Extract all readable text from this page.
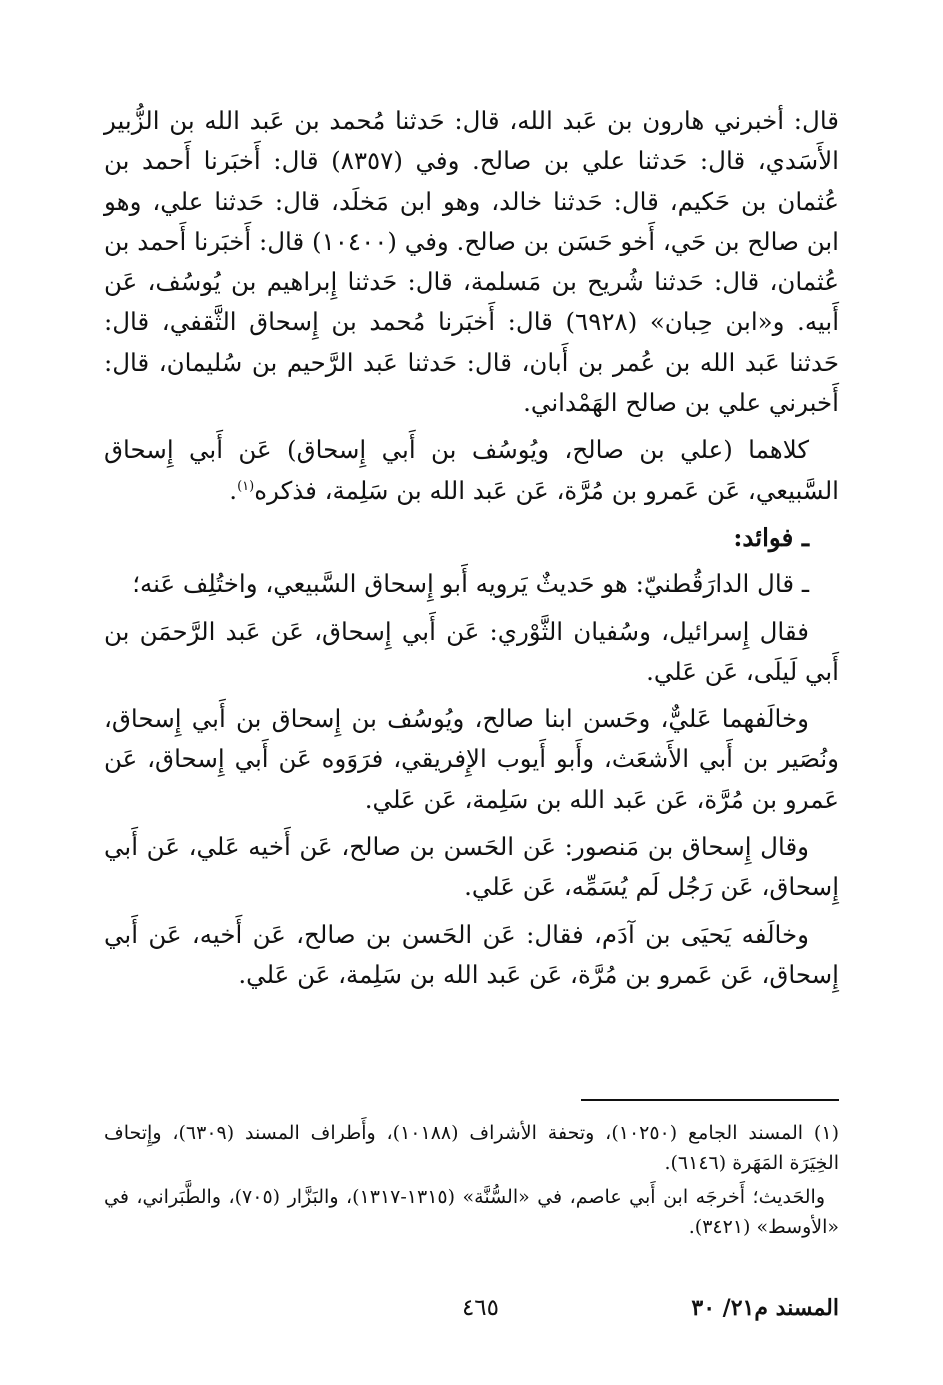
قال: أخبرني هارون بن عَبد الله، قال: حَدثنا مُحمد بن عَبد الله بن الزُّبير الأَسَدي، قال: حَدثنا علي بن صالح. وفي (٨٣٥٧) قال: أَخبَرنا أَحمد بن عُثمان بن حَكيم، قال: حَدثنا خالد، وهو ابن مَخلَد، قال: حَدثنا علي، وهو ابن صالح بن حَي، أَخو حَسَن بن صالح. وفي (١٠٤٠٠) قال: أَخبَرنا أَحمد بن عُثمان، قال: حَدثنا شُريح بن مَسلمة، قال: حَدثنا إِبراهيم بن يُوسُف، عَن أَبيه. و«ابن حِبان» (٦٩٢٨) قال: أَخبَرنا مُحمد بن إِسحاق الثَّقفي، قال: حَدثنا عَبد الله بن عُمر بن أَبان، قال: حَدثنا عَبد الرَّحيم بن سُليمان، قال: أَخبرني علي بن صالح الهَمْداني.

كلاهما (علي بن صالح، ويُوسُف بن أَبي إِسحاق) عَن أَبي إِسحاق السَّبيعي، عَن عَمرو بن مُرَّة، عَن عَبد الله بن سَلِمة، فذكره$^{(١)}$.

ـ فوائد:

ـ قال الدارَقُطنيّ: هو حَديثٌ يَرويه أَبو إِسحاق السَّبيعي، واختُلِف عَنه؛

فقال إِسرائيل، وسُفيان الثَّوْري: عَن أَبي إِسحاق، عَن عَبد الرَّحمَن بن أَبي لَيلَى، عَن عَلي.

وخالَفهما عَليٌّ، وحَسن ابنا صالح، ويُوسُف بن إِسحاق بن أَبي إِسحاق، ونُصَير بن أَبي الأَشعَث، وأَبو أَيوب الإِفريقي، فرَوَوه عَن أَبي إِسحاق، عَن عَمرو بن مُرَّة، عَن عَبد الله بن سَلِمة، عَن عَلي.

وقال إِسحاق بن مَنصور: عَن الحَسن بن صالح، عَن أَخيه عَلي، عَن أَبي إِسحاق، عَن رَجُل لَم يُسَمِّه، عَن عَلي.

وخالَفه يَحيَى بن آدَم، فقال: عَن الحَسن بن صالح، عَن أَخيه، عَن أَبي إِسحاق، عَن عَمرو بن مُرَّة، عَن عَبد الله بن سَلِمة، عَن عَلي.

(١) المسند الجامع (١٠٢٥٠)، وتحفة الأشراف (١٠١٨٨)، وأَطراف المسند (٦٣٠٩)، وإِتحاف الخِيَرَة المَهَرة (٦١٤٦).

والحَديث؛ أَخرجَه ابن أَبي عاصم، في «السُّنَّة» (١٣١٥-١٣١٧)، والبَزَّار (٧٠٥)، والطَّبَراني، في «الأوسط» (٣٤٢١).

المسند م٢١/ ٣٠
٤٦٥
